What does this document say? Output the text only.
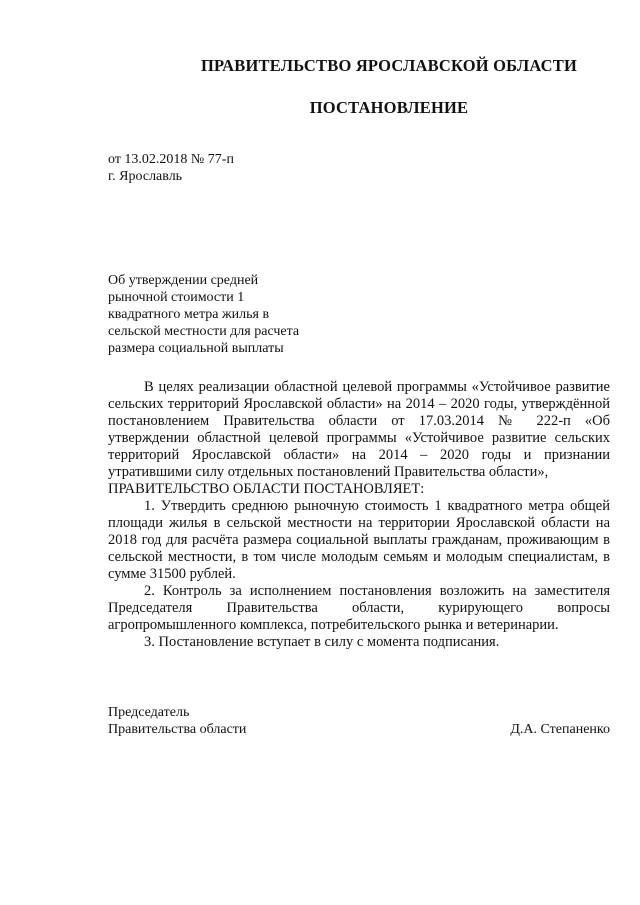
ПРАВИТЕЛЬСТВО ЯРОСЛАВСКОЙ ОБЛАСТИ
ПОСТАНОВЛЕНИЕ
от 13.02.2018 № 77-п
г. Ярославль
Об утверждении средней
рыночной стоимости 1
квадратного метра жилья в
сельской местности для расчета
размера социальной выплаты

В целях реализации областной целевой программы «Устойчивое развитие сельских территорий Ярославской области» на 2014 – 2020 годы, утверждённой постановлением Правительства области от 17.03.2014 № 222-п «Об утверждении областной целевой программы «Устойчивое развитие сельских территорий Ярославской области» на 2014 – 2020 годы и признании утратившими силу отдельных постановлений Правительства области»,

ПРАВИТЕЛЬСТВО ОБЛАСТИ ПОСТАНОВЛЯЕТ:

1. Утвердить среднюю рыночную стоимость 1 квадратного метра общей площади жилья в сельской местности на территории Ярославской области на 2018 год для расчёта размера социальной выплаты гражданам, проживающим в сельской местности, в том числе молодым семьям и молодым специалистам, в сумме 31500 рублей.

2. Контроль за исполнением постановления возложить на заместителя Председателя Правительства области, курирующего вопросы агропромышленного комплекса, потребительского рынка и ветеринарии.

3. Постановление вступает в силу с момента подписания.

Председатель
Правительства области	Д.А. Степаненко
